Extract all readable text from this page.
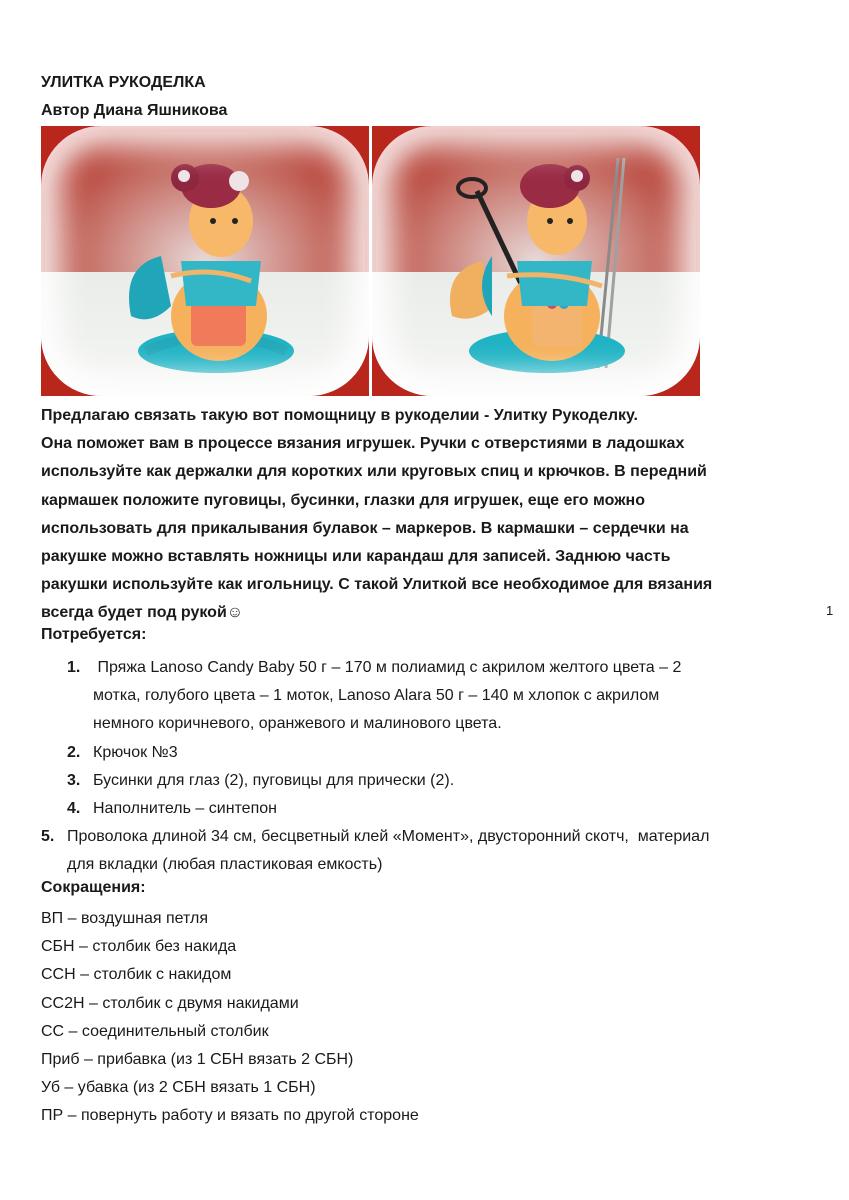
УЛИТКА РУКОДЕЛКА
Автор Диана Яшникова

Предлагаю связать такую вот помощницу в рукоделии - Улитку Рукоделку.

Она поможет вам в процессе вязания игрушек. Ручки с отверстиями в ладошках

используйте как держалки для коротких или круговых спиц и крючков. В передний

кармашек положите пуговицы, бусинки, глазки для игрушек, еще его можно

использовать для прикалывания булавок – маркеров. В кармашки – сердечки на

ракушке можно вставлять ножницы или карандаш для записей. Заднюю часть

ракушки используйте как игольницу. С такой Улиткой все необходимое для вязания

всегда будет под рукой☺	1
Потребуется:
1. Пряжа Lanoso Candy Baby 50 г – 170 м полиамид с акрилом желтого цвета – 2
мотка, голубого цвета – 1 моток, Lanoso Alara 50 г – 140 м хлопок с акрилом
немного коричневого, оранжевого и малинового цвета.
2. Крючок №3
3. Бусинки для глаз (2), пуговицы для прически (2).
4. Наполнитель – синтепон
5. Проволока длиной 34 см, бесцветный клей «Момент», двусторонний скотч,  материал
для вкладки (любая пластиковая емкость)
Сокращения:
ВП – воздушная петля
СБН – столбик без накида
ССН – столбик с накидом
СС2Н – столбик с двумя накидами
СС – соединительный столбик
Приб – прибавка (из 1 СБН вязать 2 СБН)
Уб – убавка (из 2 СБН вязать 1 СБН)
ПР – повернуть работу и вязать по другой стороне
